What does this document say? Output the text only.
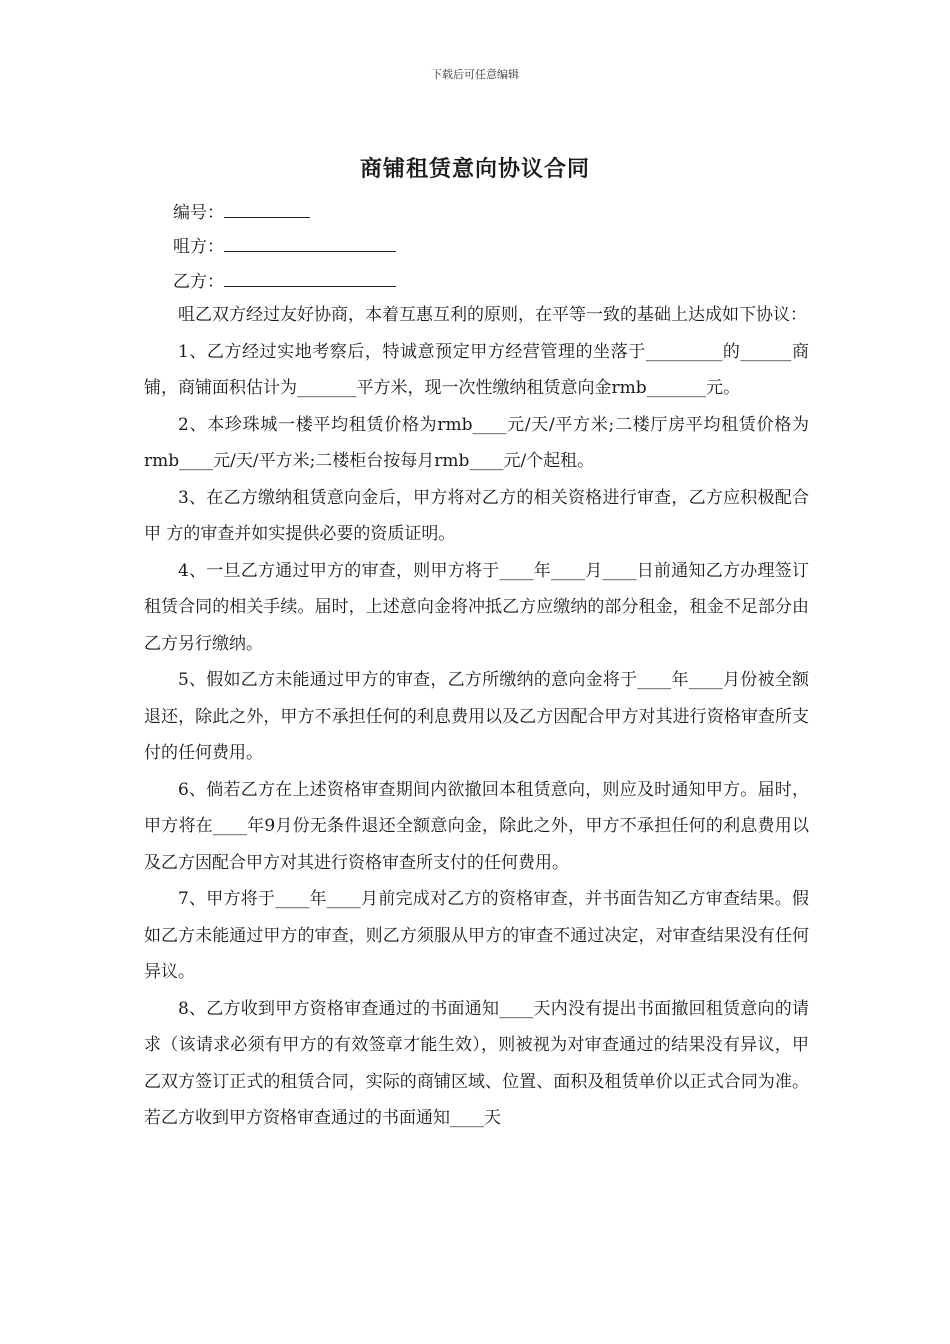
下载后可任意编辑
商铺租赁意向协议合同
编号：
咀方：
乙方：

咀乙双方经过友好协商，本着互惠互利的原则，在平等一致的基础上达成如下协议：

1、乙方经过实地考察后，特诚意预定甲方经营管理的坐落于_________的______商铺，商铺面积估计为_______平方米，现一次性缴纳租赁意向金rmb_______元。

2、本珍珠城一楼平均租赁价格为rmb____元/天/平方米;二楼厅房平均租赁价格为rmb____元/天/平方米;二楼柜台按每月rmb____元/个起租。

3、在乙方缴纳租赁意向金后，甲方将对乙方的相关资格进行审查，乙方应积极配合甲 方的审查并如实提供必要的资质证明。

4、一旦乙方通过甲方的审查，则甲方将于____年____月____日前通知乙方办理签订租赁合同的相关手续。届时，上述意向金将冲抵乙方应缴纳的部分租金，租金不足部分由乙方另行缴纳。

5、假如乙方未能通过甲方的审查，乙方所缴纳的意向金将于____年____月份被全额退还，除此之外，甲方不承担任何的利息费用以及乙方因配合甲方对其进行资格审查所支付的任何费用。

6、倘若乙方在上述资格审查期间内欲撤回本租赁意向，则应及时通知甲方。届时，甲方将在____年9月份无条件退还全额意向金，除此之外，甲方不承担任何的利息费用以及乙方因配合甲方对其进行资格审查所支付的任何费用。

7、甲方将于____年____月前完成对乙方的资格审查，并书面告知乙方审查结果。假如乙方未能通过甲方的审查，则乙方须服从甲方的审查不通过决定，对审查结果没有任何异议。

8、乙方收到甲方资格审查通过的书面通知____天内没有提出书面撤回租赁意向的请求（该请求必须有甲方的有效签章才能生效），则被视为对审查通过的结果没有异议，甲乙双方签订正式的租赁合同，实际的商铺区域、位置、面积及租赁单价以正式合同为准。若乙方收到甲方资格审查通过的书面通知____天
